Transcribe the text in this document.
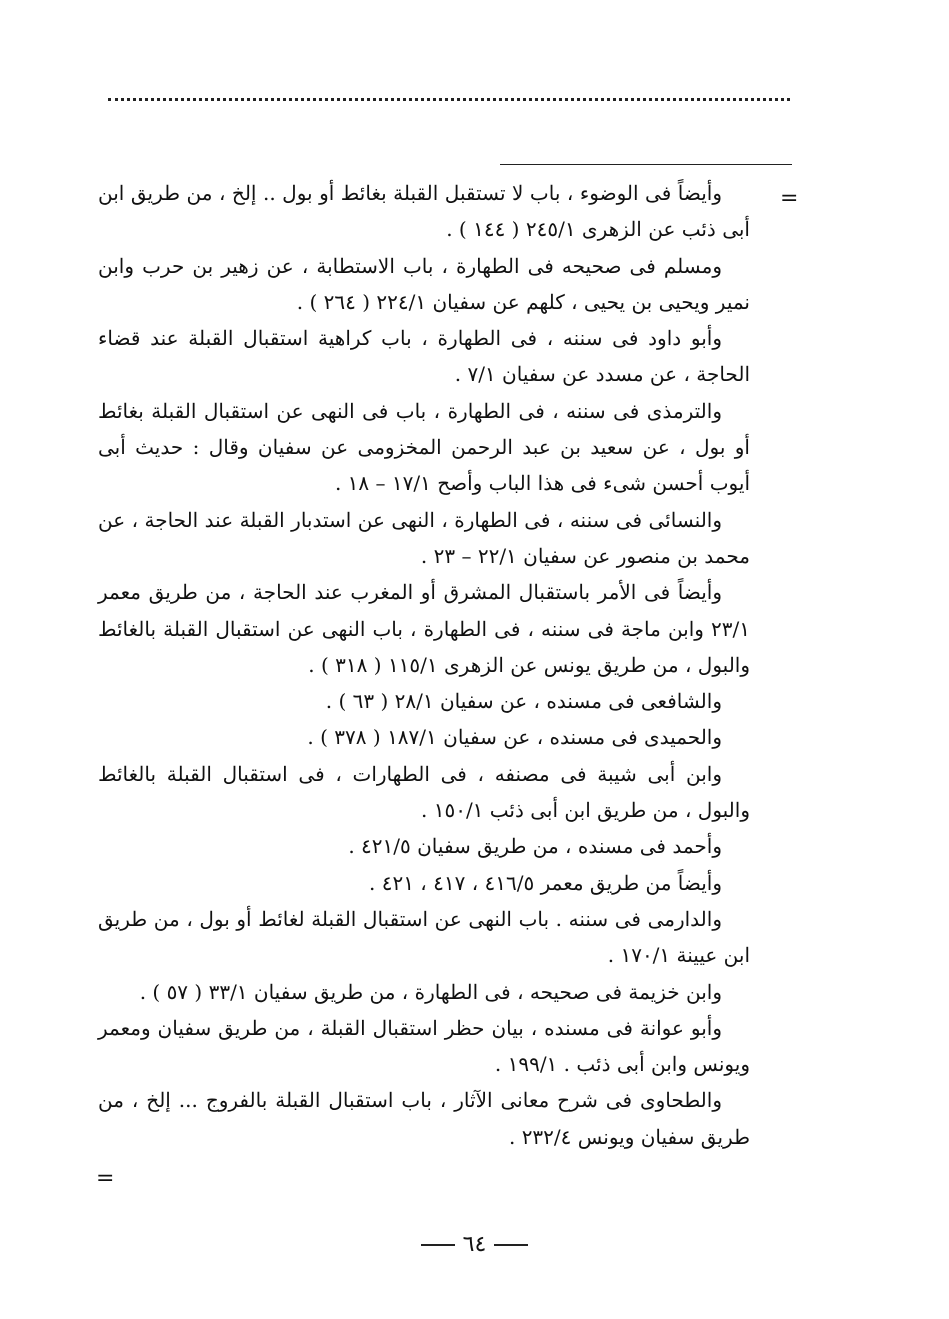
=

وأيضاً فى الوضوء ، باب لا تستقبل القبلة بغائط أو بول .. إلخ ، من طريق ابن أبى ذئب عن الزهرى ٢٤٥/١ ( ١٤٤ ) .

ومسلم فى صحيحه فى الطهارة ، باب الاستطابة ، عن زهير بن حرب وابن نمير ويحيى بن يحيى ، كلهم عن سفيان ٢٢٤/١ ( ٢٦٤ ) .

وأبو داود فى سننه ، فى الطهارة ، باب كراهية استقبال القبلة عند قضاء الحاجة ، عن مسدد عن سفيان ٧/١ .

والترمذى فى سننه ، فى الطهارة ، باب فى النهى عن استقبال القبلة بغائط أو بول ، عن سعيد بن عبد الرحمن المخزومى عن سفيان وقال : حديث أبى أيوب أحسن شىء فى هذا الباب وأصح ١٧/١ – ١٨ .

والنسائى فى سننه ، فى الطهارة ، النهى عن استدبار القبلة عند الحاجة ، عن محمد بن منصور عن سفيان ٢٢/١ – ٢٣ .

وأيضاً فى الأمر باستقبال المشرق أو المغرب عند الحاجة ، من طريق معمر ٢٣/١ وابن ماجة فى سننه ، فى الطهارة ، باب النهى عن استقبال القبلة بالغائط والبول ، من طريق يونس عن الزهرى ١١٥/١ ( ٣١٨ ) .

والشافعى فى مسنده ، عن سفيان ٢٨/١ ( ٦٣ ) .

والحميدى فى مسنده ، عن سفيان ١٨٧/١ ( ٣٧٨ ) .

وابن أبى شيبة فى مصنفه ، فى الطهارات ، فى استقبال القبلة بالغائط والبول ، من طريق ابن أبى ذئب ١٥٠/١ .

وأحمد فى مسنده ، من طريق سفيان ٤٢١/٥ .

وأيضاً من طريق معمر ٤١٦/٥ ، ٤١٧ ، ٤٢١ .

والدارمى فى سننه . باب النهى عن استقبال القبلة لغائط أو بول ، من طريق ابن عيينة ١٧٠/١ .

وابن خزيمة فى صحيحه ، فى الطهارة ، من طريق سفيان ٣٣/١ ( ٥٧ ) .

وأبو عوانة فى مسنده ، بيان حظر استقبال القبلة ، من طريق سفيان ومعمر ويونس وابن أبى ذئب . ١٩٩/١ .

والطحاوى فى شرح معانى الآثار ، باب استقبال القبلة بالفروج ... إلخ ، من طريق سفيان ويونس ٢٣٢/٤ .

=
٦٤
